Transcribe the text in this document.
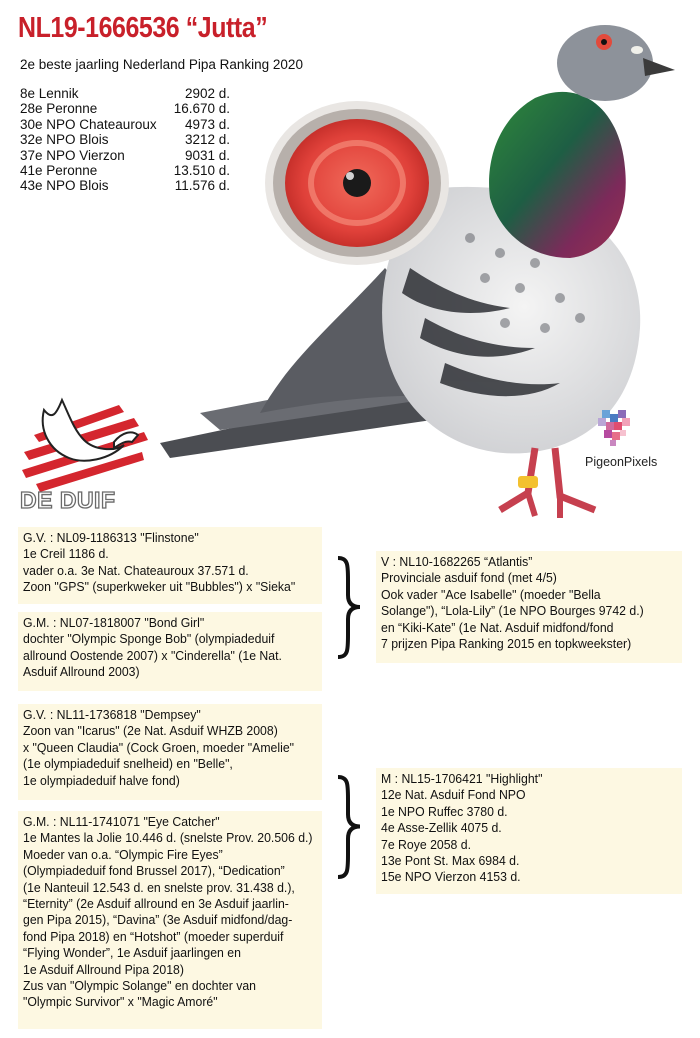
NL19-1666536 “Jutta”
2e beste jaarling Nederland Pipa Ranking 2020
8e Lennik	2902 d.
28e Peronne	16.670 d.
30e NPO Chateauroux 4973 d.
32e NPO Blois	3212 d.
37e NPO Vierzon	9031 d.
41e Peronne	13.510 d.
43e NPO Blois	11.576 d.
DE DUIF
PigeonPixels
G.V. : NL09-1186313 "Flinstone"
1e Creil 1186 d.
vader o.a. 3e Nat. Chateauroux 37.571 d.
Zoon "GPS" (superkweker uit "Bubbles") x "Sieka"
G.M. : NL07-1818007 "Bond Girl"
dochter "Olympic Sponge Bob" (olympiadeduif
allround Oostende 2007) x "Cinderella" (1e Nat.
Asduif Allround 2003)
V : NL10-1682265 “Atlantis”
Provinciale asduif fond (met 4/5)
Ook vader "Ace Isabelle" (moeder "Bella
Solange"), “Lola-Lily” (1e NPO Bourges 9742 d.)
en “Kiki-Kate” (1e Nat. Asduif midfond/fond
7 prijzen Pipa Ranking 2015 en topkweekster)
G.V. : NL11-1736818 "Dempsey"
Zoon van "Icarus" (2e Nat. Asduif WHZB 2008)
x "Queen Claudia" (Cock Groen, moeder "Amelie"
(1e olympiadeduif snelheid) en "Belle",
1e olympiadeduif halve fond)
G.M. : NL11-1741071 "Eye Catcher"
1e Mantes la Jolie 10.446 d. (snelste Prov. 20.506 d.)
Moeder van o.a. “Olympic Fire Eyes”
(Olympiadeduif fond Brussel 2017), “Dedication”
(1e Nanteuil 12.543 d. en snelste prov. 31.438 d.),
“Eternity” (2e Asduif allround en 3e Asduif jaarlin-
gen Pipa 2015), “Davina” (3e Asduif midfond/dag-
fond Pipa 2018) en “Hotshot” (moeder superduif
“Flying Wonder”, 1e Asduif jaarlingen en
1e Asduif Allround Pipa 2018)
Zus van "Olympic Solange" en dochter van
"Olympic Survivor" x "Magic Amoré"
M : NL15-1706421 "Highlight"
12e Nat. Asduif Fond NPO
1e NPO Ruffec 3780 d.
4e Asse-Zellik 4075 d.
7e Roye 2058 d.
13e Pont St. Max 6984 d.
15e NPO Vierzon 4153 d.
